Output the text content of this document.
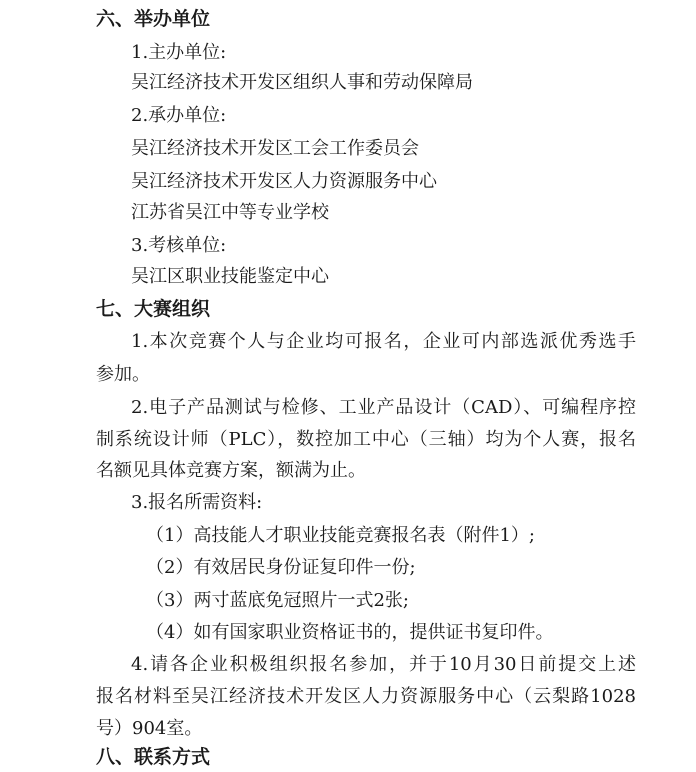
六、举办单位
1.主办单位:
吴江经济技术开发区组织人事和劳动保障局
2.承办单位:
吴江经济技术开发区工会工作委员会
吴江经济技术开发区人力资源服务中心
江苏省吴江中等专业学校
3.考核单位:
吴江区职业技能鉴定中心
七、大赛组织
1.本次竞赛个人与企业均可报名，企业可内部选派优秀选手
参加。
2.电子产品测试与检修、工业产品设计（CAD）、可编程序控
制系统设计师（PLC），数控加工中心（三轴）均为个人赛，报名
名额见具体竞赛方案，额满为止。
3.报名所需资料:
（1）高技能人才职业技能竞赛报名表（附件1）;
（2）有效居民身份证复印件一份;
（3）两寸蓝底免冠照片一式2张;
（4）如有国家职业资格证书的，提供证书复印件。
4.请各企业积极组织报名参加，并于10月30日前提交上述
报名材料至吴江经济技术开发区人力资源服务中心（云梨路1028
号）904室。
八、联系方式
